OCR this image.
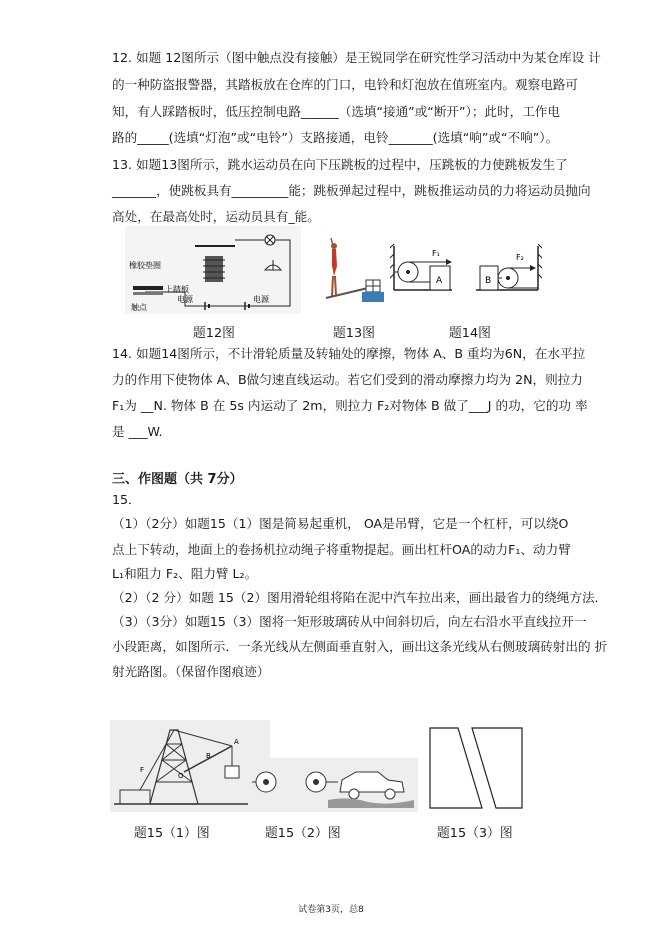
12. 如题 12图所示（图中触点没有接触）是王锐同学在研究性学习活动中为某仓库设 计
的一种防盗报警器，其踏板放在仓库的门口，电铃和灯泡放在值班室内。观察电路可
知，有人踩踏板时，低压控制电路______（选填“接通”或“断开”）；此时，工作电
路的_____(选填“灯泡”或“电铃”）支路接通，电铃_______(选填“响”或“不响”）。
13. 如题13图所示，跳水运动员在向下压跳板的过程中，压跳板的力使跳板发生了
_______，使跳板具有_________能；跳板弹起过程中，跳板推运动员的力将运动员抛向
高处，在最高处时，运动员具有_能。
橡胶垫圈
上踏板
触点
电源	电源
A
F₁
B
F₂
题12图	题13图	题14图
14. 如题14图所示，不计滑轮质量及转轴处的摩擦，物体 A、B 重均为6N，在水平拉
力的作用下使物体 A、B做匀速直线运动。若它们受到的滑动摩擦力均为 2N，则拉力
F₁为 __N. 物体 B 在 5s 内运动了 2m，则拉力 F₂对物体 B 做了___J 的功，它的功 率
是 ___W.
三、作图题（共 7分）
15．
（1）（2分）如题15（1）图是简易起重机， OA是吊臂，它是一个杠杆，可以绕O
点上下转动，地面上的卷扬机拉动绳子将重物提起。画出杠杆OA的动力F₁、动力臂
L₁和阻力 F₂、阻力臂 L₂。
（2）（2 分）如题 15（2）图用滑轮组将陷在泥中汽车拉出来，画出最省力的绕绳方法.
（3）（3分）如题15（3）图将一矩形玻璃砖从中间斜切后，向左右沿水平直线拉开一
小段距离，如图所示．一条光线从左侧面垂直射入，画出这条光线从右侧玻璃砖射出的 折
射光路图。（保留作图痕迹）
A
B
F
O
题15（1）图	题15（2）图	题15（3）图
试卷第3页，总8
